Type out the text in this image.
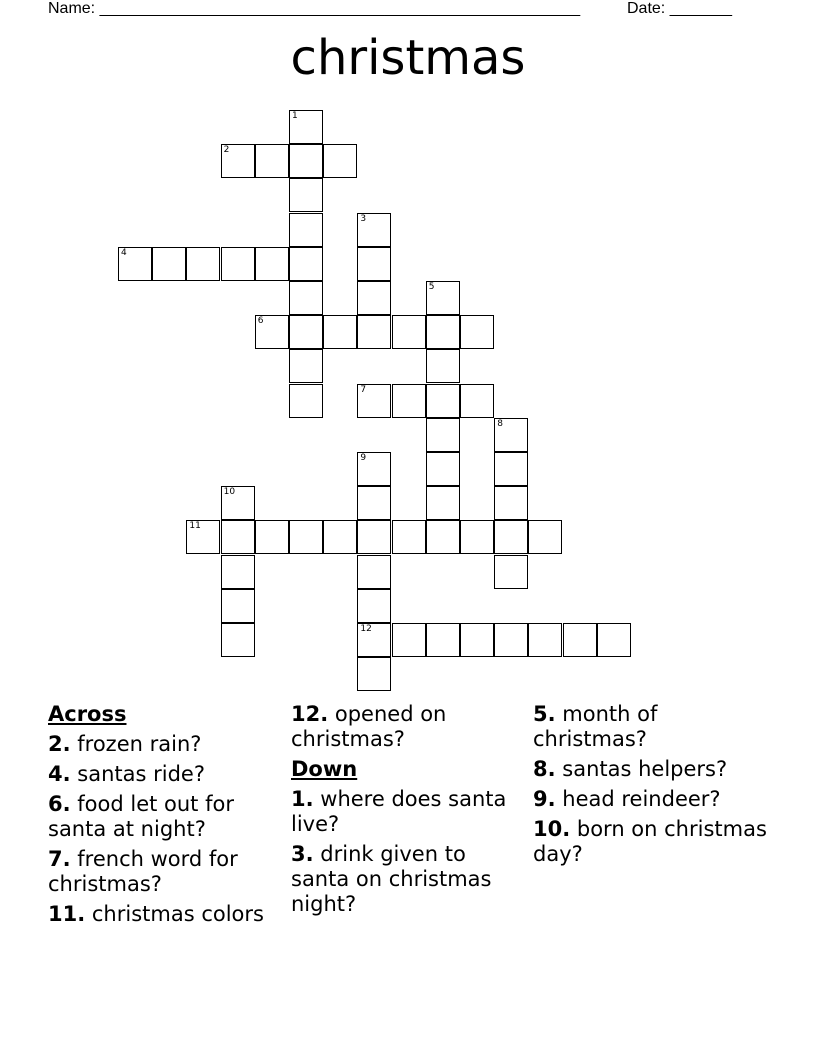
Name: ______________________________________________________	Date: _______
christmas
1
2
3
4
5
6
7
8
9
12
10
11
Across
2. frozen rain?
4. santas ride?
6. food let out for santa at night?
7. french word for christmas?
11. christmas colors
12. opened on christmas?
Down
1. where does santa live?
3. drink given to santa on christmas night?
5. month of christmas?
8. santas helpers?
9. head reindeer?
10. born on christmas day?
